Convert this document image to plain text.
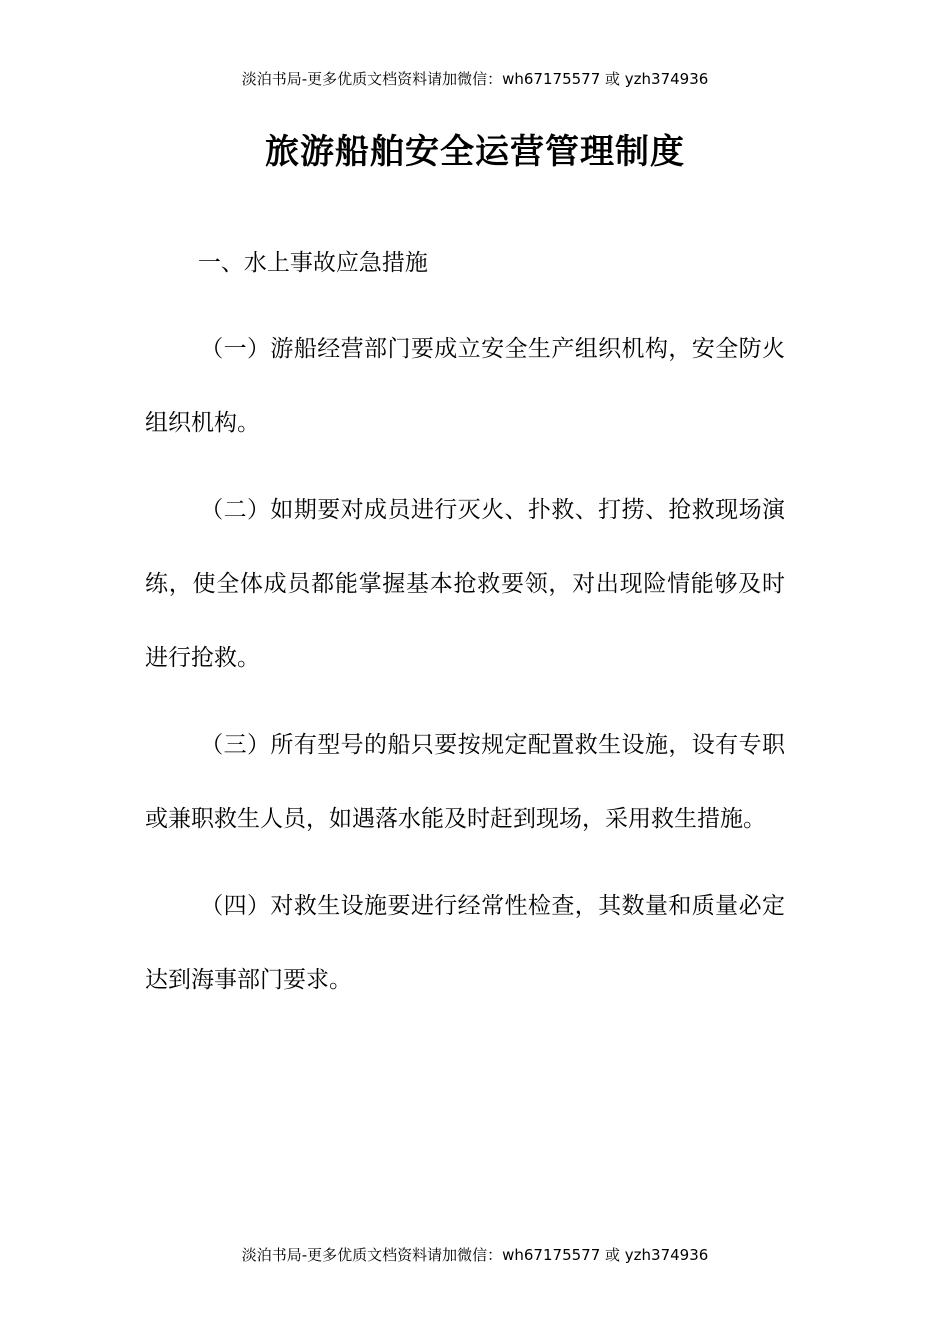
淡泊书局-更多优质文档资料请加微信：wh67175577 或 yzh374936
旅游船舶安全运营管理制度

一、水上事故应急措施

（一）游船经营部门要成立安全生产组织机构，安全防火组织机构。

（二）如期要对成员进行灭火、扑救、打捞、抢救现场演练，使全体成员都能掌握基本抢救要领，对出现险情能够及时进行抢救。

（三）所有型号的船只要按规定配置救生设施，设有专职或兼职救生人员，如遇落水能及时赶到现场，采用救生措施。

（四）对救生设施要进行经常性检查，其数量和质量必定达到海事部门要求。

淡泊书局-更多优质文档资料请加微信：wh67175577 或 yzh374936
